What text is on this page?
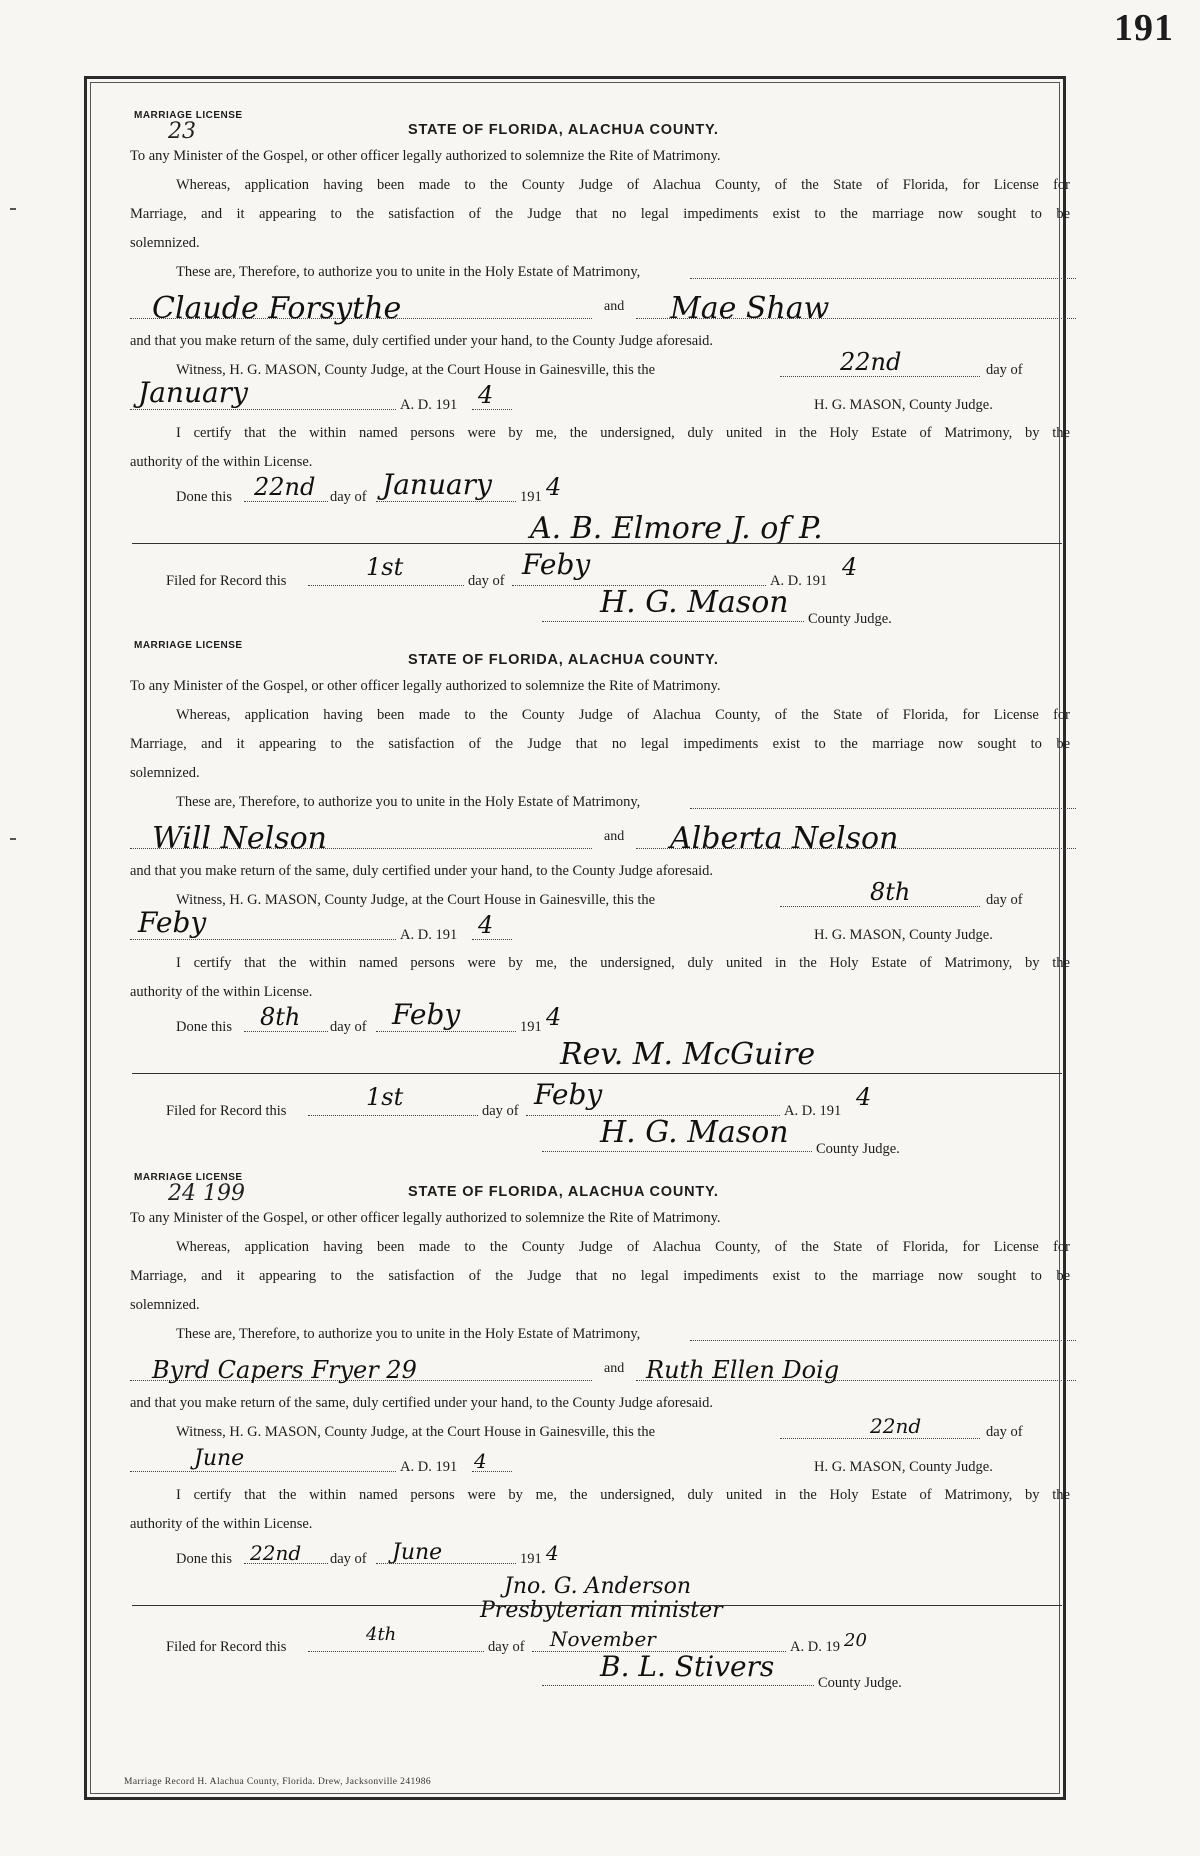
191
MARRIAGE LICENSE
23	STATE OF FLORIDA, ALACHUA COUNTY.

To any Minister of the Gospel, or other officer legally authorized to solemnize the Rite of Matrimony.

Whereas, application having been made to the County Judge of Alachua County, of the State of Florida, for License for

Marriage, and it appearing to the satisfaction of the Judge that no legal impediments exist to the marriage now sought to be

solemnized.

These are, Therefore, to authorize you to unite in the Holy Estate of Matrimony,
Claude Forsythe	and Mae Shaw

and that you make return of the same, duly certified under your hand, to the County Judge aforesaid.

Witness, H. G. MASON, County Judge, at the Court House in Gainesville, this the	22nd	day of
January	A. D. 191 4	H. G. MASON, County Judge.

I certify that the within named persons were by me, the undersigned, duly united in the Holy Estate of Matrimony, by the

authority of the within License.

Done this 22nd day of January 191 4
A. B. Elmore J. of P.
Filed for Record this	1st	day of Feby	A. D. 191 4
H. G. Mason County Judge.
MARRIAGE LICENSE
STATE OF FLORIDA, ALACHUA COUNTY.

To any Minister of the Gospel, or other officer legally authorized to solemnize the Rite of Matrimony.

Whereas, application having been made to the County Judge of Alachua County, of the State of Florida, for License for

Marriage, and it appearing to the satisfaction of the Judge that no legal impediments exist to the marriage now sought to be

solemnized.

These are, Therefore, to authorize you to unite in the Holy Estate of Matrimony,
Will Nelson	and Alberta Nelson

and that you make return of the same, duly certified under your hand, to the County Judge aforesaid.

Witness, H. G. MASON, County Judge, at the Court House in Gainesville, this the	8th	day of
Feby	A. D. 191 4	H. G. MASON, County Judge.

I certify that the within named persons were by me, the undersigned, duly united in the Holy Estate of Matrimony, by the

authority of the within License.

Done this 8th day of Feby	191 4
Rev. M. McGuire
Filed for Record this	1st	day of Feby	A. D. 191 4
H. G. Mason County Judge.
MARRIAGE LICENSE
24 199	STATE OF FLORIDA, ALACHUA COUNTY.

To any Minister of the Gospel, or other officer legally authorized to solemnize the Rite of Matrimony.

Whereas, application having been made to the County Judge of Alachua County, of the State of Florida, for License for

Marriage, and it appearing to the satisfaction of the Judge that no legal impediments exist to the marriage now sought to be

solemnized.

These are, Therefore, to authorize you to unite in the Holy Estate of Matrimony,
Byrd Capers Fryer 29	and Ruth Ellen Doig

and that you make return of the same, duly certified under your hand, to the County Judge aforesaid.

Witness, H. G. MASON, County Judge, at the Court House in Gainesville, this the	22nd	day of
June	A. D. 191 4	H. G. MASON, County Judge.

I certify that the within named persons were by me, the undersigned, duly united in the Holy Estate of Matrimony, by the

authority of the within License.

Done this 22nd day of June	191 4
Jno. G. Anderson
Presbyterian minister
Filed for Record this
4th
day of November	A. D. 19 20
B. L. Stivers	County Judge.
Marriage Record H. Alachua County, Florida. Drew, Jacksonville 241986
